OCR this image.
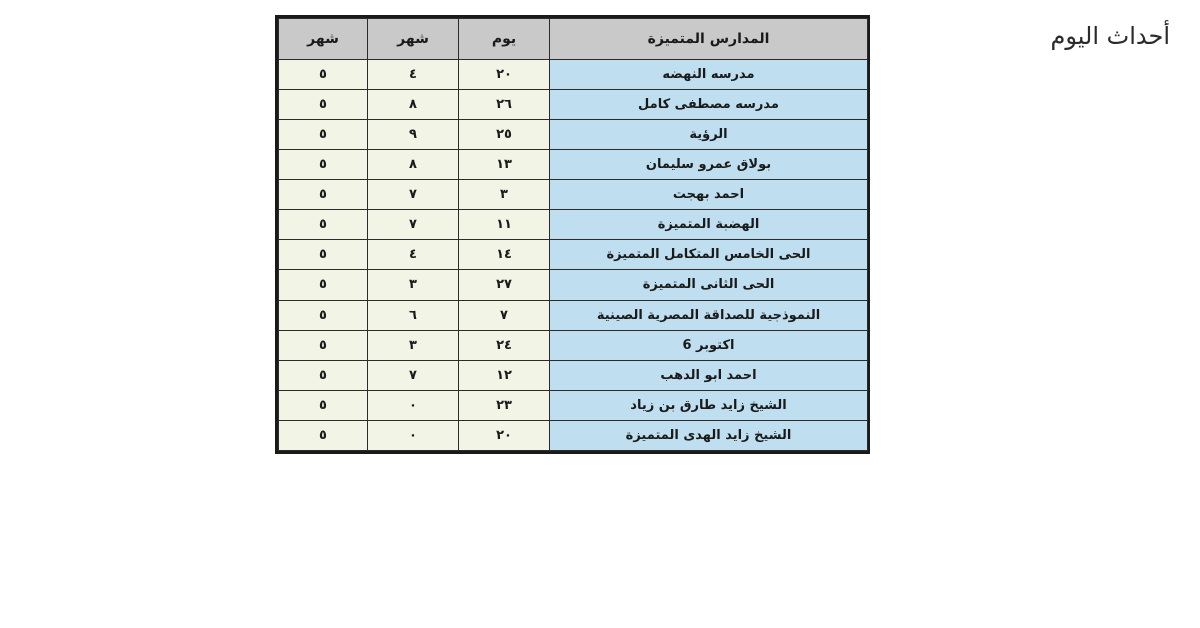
أحداث اليوم
المدارس المتميزة	يوم	شهر	شهر
مدرسه النهضه	٢٠	٤	٥
مدرسه مصطفى كامل	٢٦	٨	٥
الرؤية	٢٥	٩	٥
بولاق عمرو سليمان	١٣	٨	٥
احمد بهجت	٣	٧	٥
الهضبة المتميزة	١١	٧	٥
الحى الخامس المتكامل المتميزة	١٤	٤	٥
الحى الثانى المتميزة	٢٧	٣	٥
النموذجية للصداقة المصرية الصينية	٧	٦	٥
اكتوبر 6	٢٤	٣	٥
احمد ابو الدهب	١٢	٧	٥
الشيخ زايد طارق بن زياد	٢٣	٠	٥
الشيخ زايد الهدى المتميزة	٢٠	٠	٥
